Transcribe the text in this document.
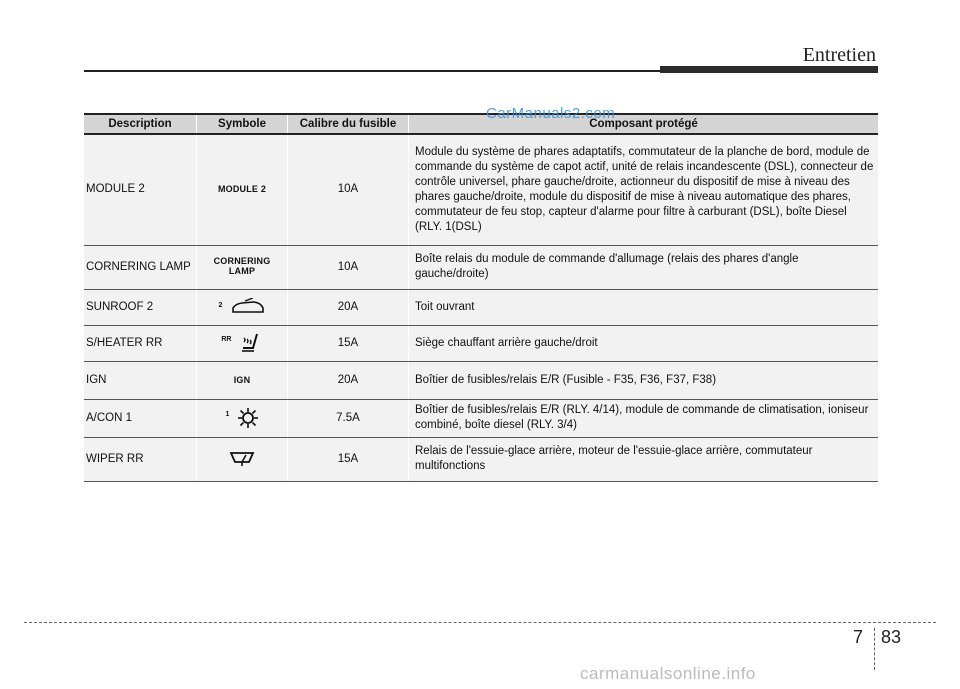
Entretien
Description	Symbole	Calibre du fusible	Composant protégé
MODULE 2	MODULE 2	10A	Module du système de phares adaptatifs, commutateur de la planche de bord, module de commande du système de capot actif, unité de relais incandescente (DSL), connecteur de contrôle universel, phare gauche/droite, actionneur du dispositif de mise à niveau des phares gauche/droite, module du dispositif de mise à niveau automatique des phares, commutateur de feu stop, capteur d'alarme pour filtre à carburant (DSL), boîte Diesel (RLY. 1(DSL)
CORNERING LAMP	CORNERING LAMP	10A	Boîte relais du module de commande d'allumage (relais des phares d'angle gauche/droite)
SUNROOF 2	$^2$	20A	Toit ouvrant
S/HEATER RR	$^{RR}$	15A	Siège chauffant arrière gauche/droit
IGN	IGN	20A	Boîtier de fusibles/relais E/R (Fusible - F35, F36, F37, F38)
A/CON 1	$^1$	7.5A	Boîtier de fusibles/relais E/R (RLY. 4/14), module de commande de climatisation, ioniseur combiné, boîte diesel (RLY. 3/4)
WIPER RR		15A	Relais de l'essuie-glace arrière, moteur de l'essuie-glace arrière, commutateur multifonctions
CarManuals2.com
7 83
carmanualsonline.info
